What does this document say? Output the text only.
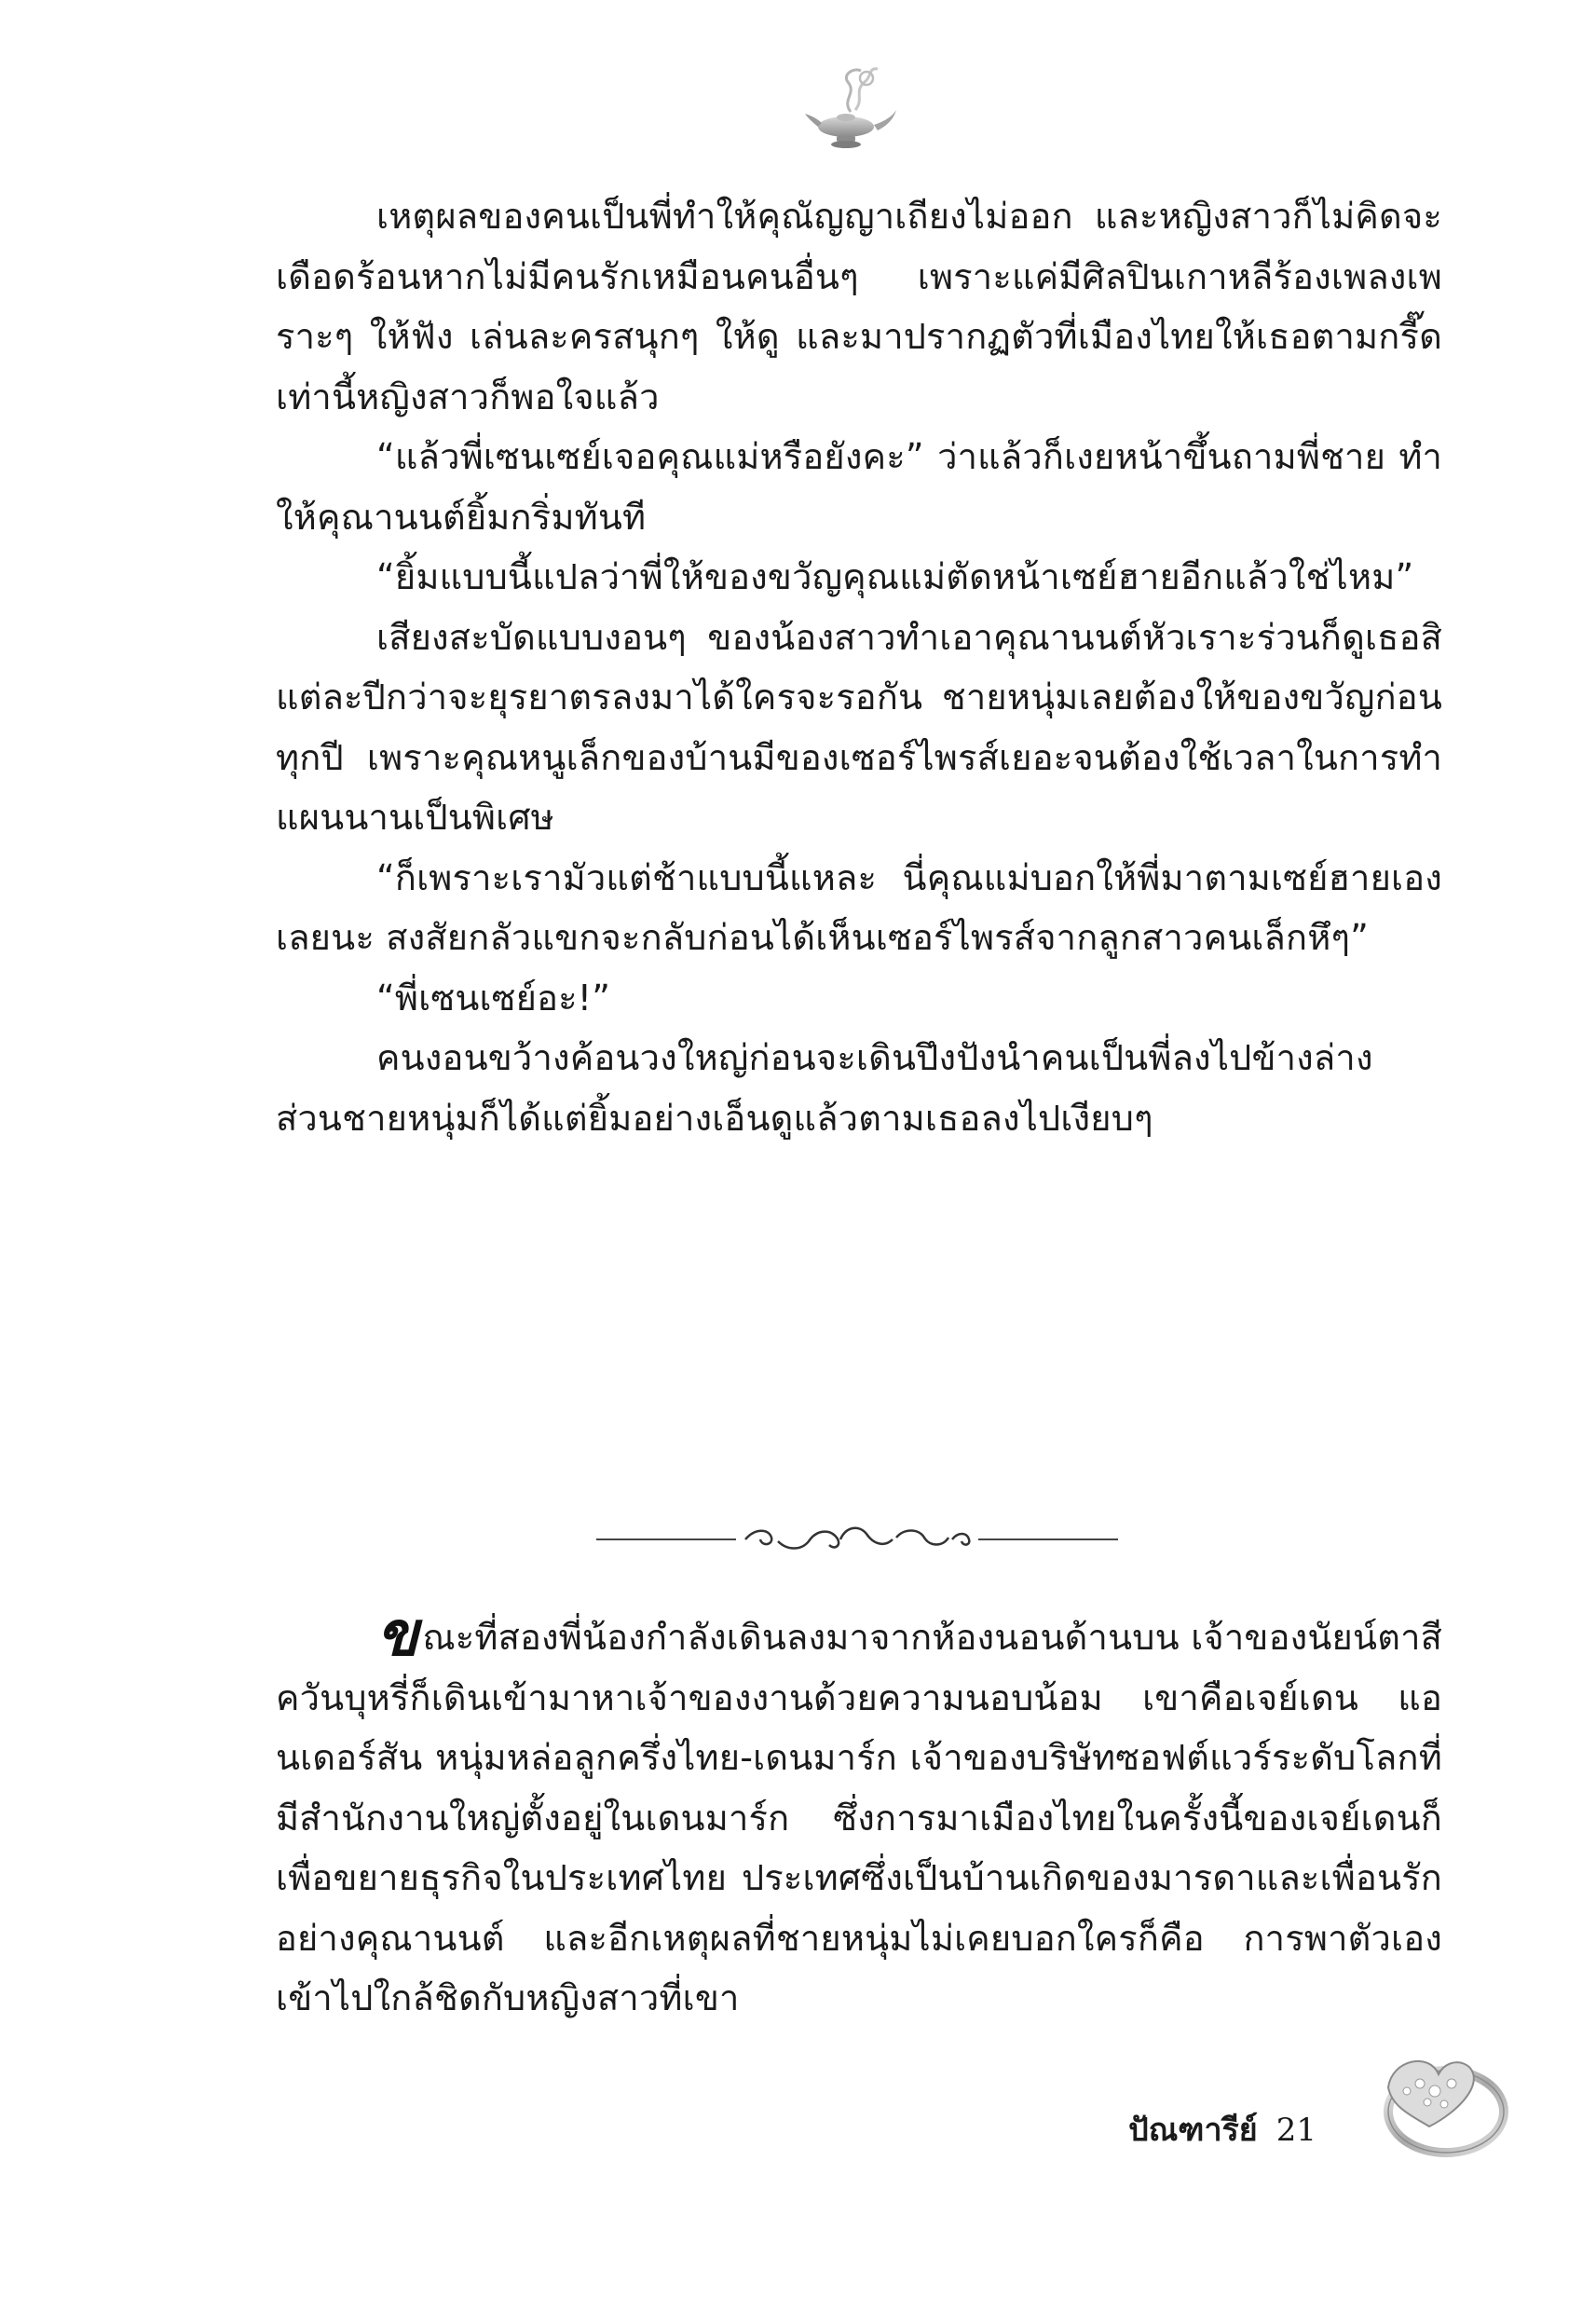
เหตุผลของคนเป็นพี่ทำให้คุณัญญาเถียงไม่ออก และหญิงสาวก็ไม่คิดจะเดือดร้อนหากไม่มีคนรักเหมือนคนอื่นๆ เพราะแค่มีศิลปินเกาหลีร้องเพลงเพราะๆ ให้ฟัง เล่นละครสนุกๆ ให้ดู และมาปรากฏตัวที่เมืองไทยให้เธอตามกรี๊ด เท่านี้หญิงสาวก็พอใจแล้ว

“แล้วพี่เซนเซย์เจอคุณแม่หรือยังคะ” ว่าแล้วก็เงยหน้าขึ้นถามพี่ชาย ทำให้คุณานนต์ยิ้มกริ่มทันที

“ยิ้มแบบนี้แปลว่าพี่ให้ของขวัญคุณแม่ตัดหน้าเซย์ฮายอีกแล้วใช่ไหม”

เสียงสะบัดแบบงอนๆ ของน้องสาวทำเอาคุณานนต์หัวเราะร่วนก็ดูเธอสิ แต่ละปีกว่าจะยุรยาตรลงมาได้ใครจะรอกัน ชายหนุ่มเลยต้องให้ของขวัญก่อนทุกปี เพราะคุณหนูเล็กของบ้านมีของเซอร์ไพรส์เยอะจนต้องใช้เวลาในการทำแผนนานเป็นพิเศษ

“ก็เพราะเรามัวแต่ช้าแบบนี้แหละ นี่คุณแม่บอกให้พี่มาตามเซย์ฮายเองเลยนะ สงสัยกลัวแขกจะกลับก่อนได้เห็นเซอร์ไพรส์จากลูกสาวคนเล็กหึๆ”

“พี่เซนเซย์อะ!”

คนงอนขว้างค้อนวงใหญ่ก่อนจะเดินปึงปังนำคนเป็นพี่ลงไปข้างล่าง ส่วนชายหนุ่มก็ได้แต่ยิ้มอย่างเอ็นดูแล้วตามเธอลงไปเงียบๆ

ขณะที่สองพี่น้องกำลังเดินลงมาจากห้องนอนด้านบน เจ้าของนัยน์ตาสีควันบุหรี่ก็เดินเข้ามาหาเจ้าของงานด้วยความนอบน้อม เขาคือเจย์เดน แอนเดอร์สัน หนุ่มหล่อลูกครึ่งไทย-เดนมาร์ก เจ้าของบริษัทซอฟต์แวร์ระดับโลกที่มีสำนักงานใหญ่ตั้งอยู่ในเดนมาร์ก ซึ่งการมาเมืองไทยในครั้งนี้ของเจย์เดนก็เพื่อขยายธุรกิจในประเทศไทย ประเทศซึ่งเป็นบ้านเกิดของมารดาและเพื่อนรักอย่างคุณานนต์ และอีกเหตุผลที่ชายหนุ่มไม่เคยบอกใครก็คือ การพาตัวเองเข้าไปใกล้ชิดกับหญิงสาวที่เขา

ปัณฑารีย์ 21
